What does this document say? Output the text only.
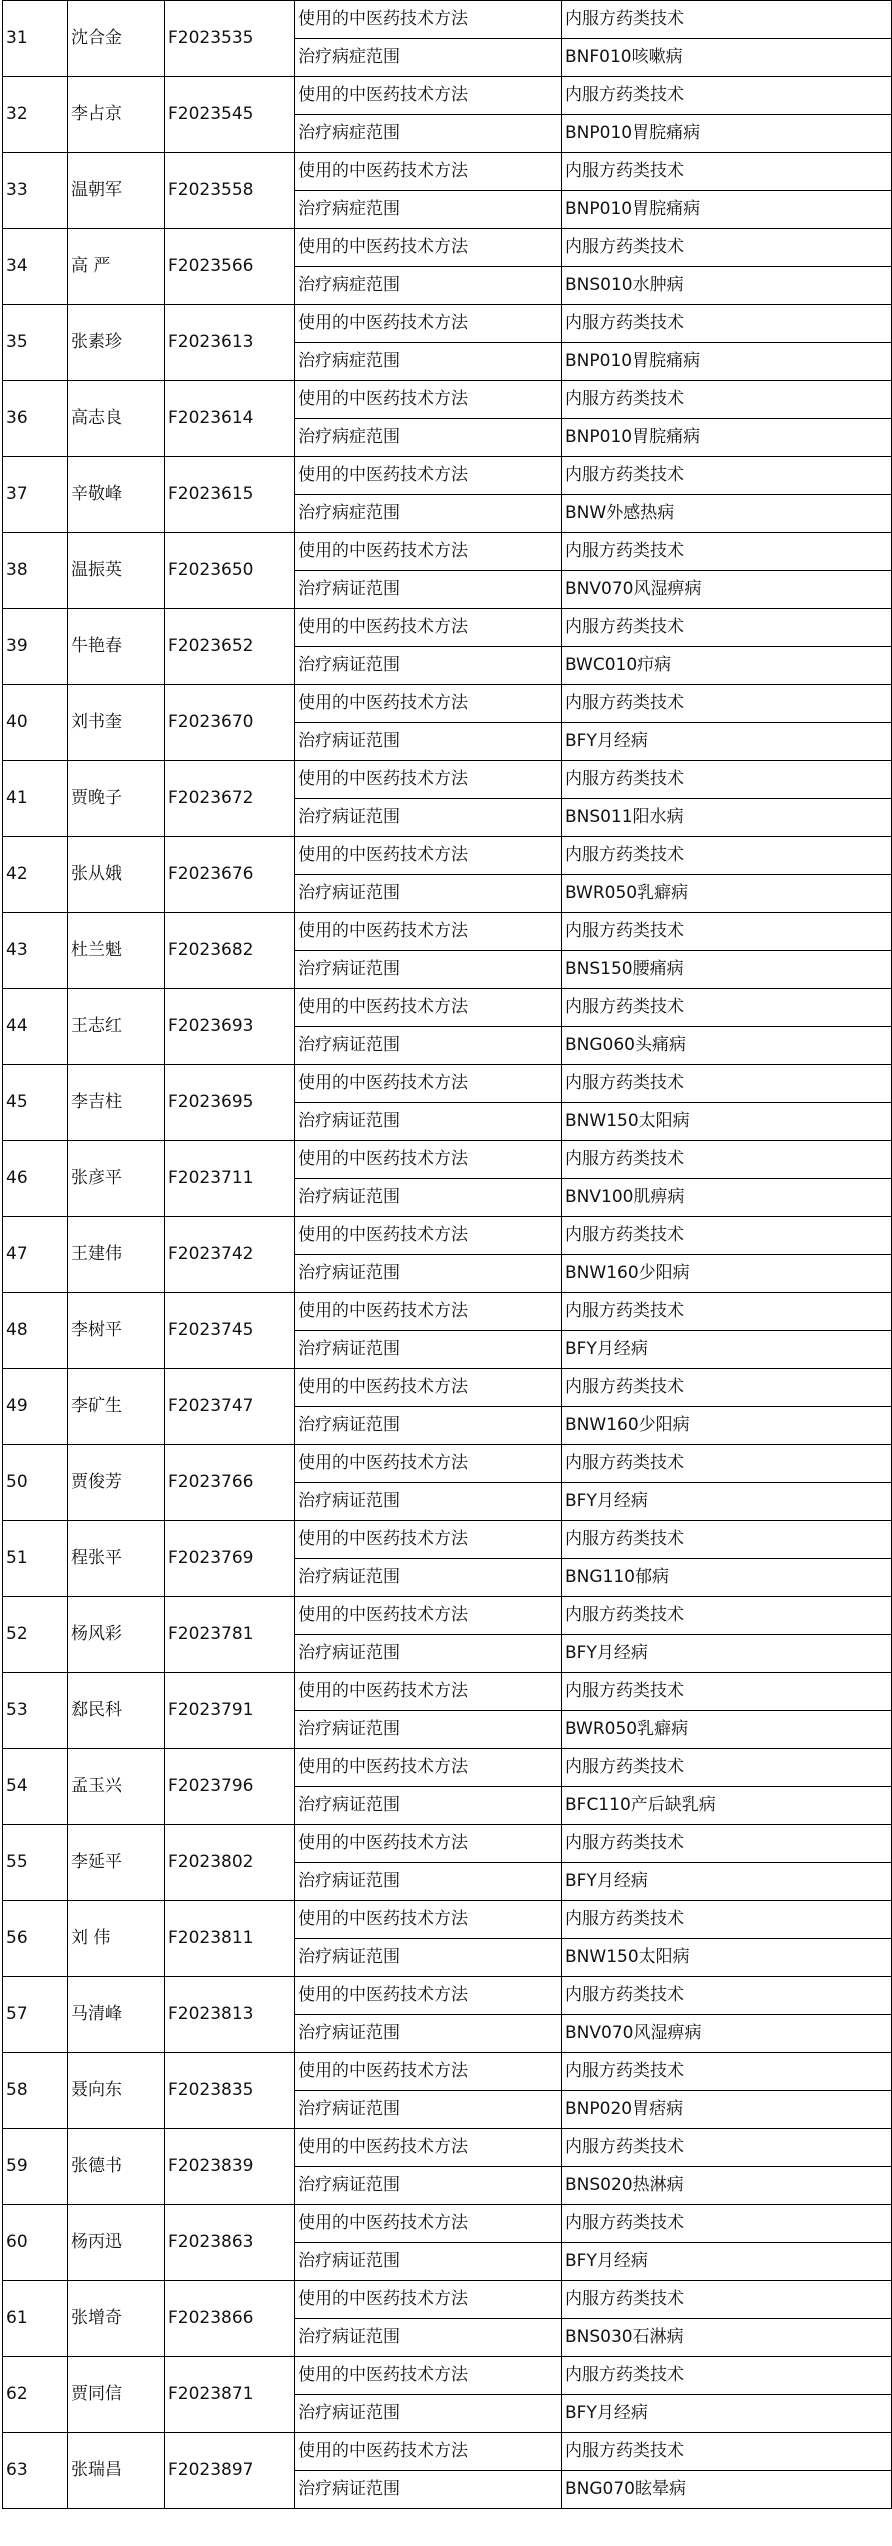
31	沈合金	F2023535	使用的中医药技术方法	内服方药类技术
			治疗病症范围	BNF010咳嗽病
32	李占京	F2023545	使用的中医药技术方法	内服方药类技术
			治疗病症范围	BNP010胃脘痛病
33	温朝军	F2023558	使用的中医药技术方法	内服方药类技术
			治疗病症范围	BNP010胃脘痛病
34	高 严	F2023566	使用的中医药技术方法	内服方药类技术
			治疗病症范围	BNS010水肿病
35	张素珍	F2023613	使用的中医药技术方法	内服方药类技术
			治疗病症范围	BNP010胃脘痛病
36	高志良	F2023614	使用的中医药技术方法	内服方药类技术
			治疗病症范围	BNP010胃脘痛病
37	辛敬峰	F2023615	使用的中医药技术方法	内服方药类技术
			治疗病症范围	BNW外感热病
38	温振英	F2023650	使用的中医药技术方法	内服方药类技术
			治疗病证范围	BNV070风湿痹病
39	牛艳春	F2023652	使用的中医药技术方法	内服方药类技术
			治疗病证范围	BWC010疖病
40	刘书奎	F2023670	使用的中医药技术方法	内服方药类技术
			治疗病证范围	BFY月经病
41	贾晚子	F2023672	使用的中医药技术方法	内服方药类技术
			治疗病证范围	BNS011阳水病
42	张从娥	F2023676	使用的中医药技术方法	内服方药类技术
			治疗病证范围	BWR050乳癖病
43	杜兰魁	F2023682	使用的中医药技术方法	内服方药类技术
			治疗病证范围	BNS150腰痛病
44	王志红	F2023693	使用的中医药技术方法	内服方药类技术
			治疗病证范围	BNG060头痛病
45	李吉柱	F2023695	使用的中医药技术方法	内服方药类技术
			治疗病证范围	BNW150太阳病
46	张彦平	F2023711	使用的中医药技术方法	内服方药类技术
			治疗病证范围	BNV100肌痹病
47	王建伟	F2023742	使用的中医药技术方法	内服方药类技术
			治疗病证范围	BNW160少阳病
48	李树平	F2023745	使用的中医药技术方法	内服方药类技术
			治疗病证范围	BFY月经病
49	李矿生	F2023747	使用的中医药技术方法	内服方药类技术
			治疗病证范围	BNW160少阳病
50	贾俊芳	F2023766	使用的中医药技术方法	内服方药类技术
			治疗病证范围	BFY月经病
51	程张平	F2023769	使用的中医药技术方法	内服方药类技术
			治疗病证范围	BNG110郁病
52	杨风彩	F2023781	使用的中医药技术方法	内服方药类技术
			治疗病证范围	BFY月经病
53	郄民科	F2023791	使用的中医药技术方法	内服方药类技术
			治疗病证范围	BWR050乳癖病
54	孟玉兴	F2023796	使用的中医药技术方法	内服方药类技术
			治疗病证范围	BFC110产后缺乳病
55	李延平	F2023802	使用的中医药技术方法	内服方药类技术
			治疗病证范围	BFY月经病
56	刘 伟	F2023811	使用的中医药技术方法	内服方药类技术
			治疗病证范围	BNW150太阳病
57	马清峰	F2023813	使用的中医药技术方法	内服方药类技术
			治疗病证范围	BNV070风湿痹病
58	聂向东	F2023835	使用的中医药技术方法	内服方药类技术
			治疗病证范围	BNP020胃痞病
59	张德书	F2023839	使用的中医药技术方法	内服方药类技术
			治疗病证范围	BNS020热淋病
60	杨丙迅	F2023863	使用的中医药技术方法	内服方药类技术
			治疗病证范围	BFY月经病
61	张增奇	F2023866	使用的中医药技术方法	内服方药类技术
			治疗病证范围	BNS030石淋病
62	贾同信	F2023871	使用的中医药技术方法	内服方药类技术
			治疗病证范围	BFY月经病
63	张瑞昌	F2023897	使用的中医药技术方法	内服方药类技术
			治疗病证范围	BNG070眩晕病
